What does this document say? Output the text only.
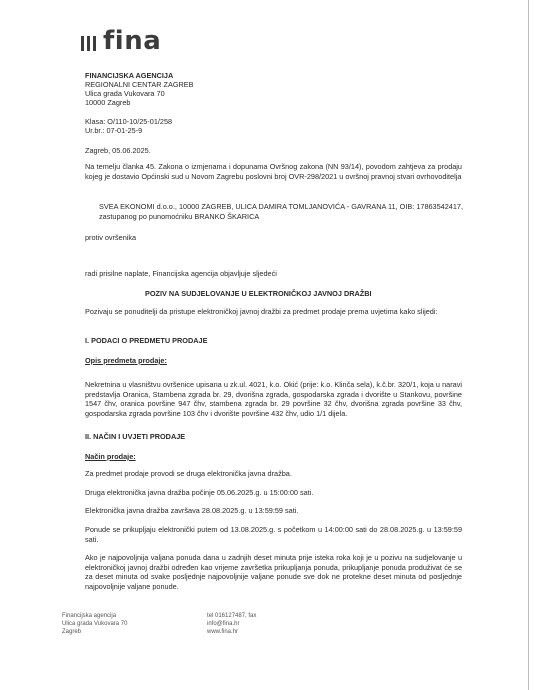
fina
FINANCIJSKA AGENCIJA
REGIONALNI CENTAR ZAGREB
Ulica grada Vukovara 70
10000 Zagreb
Klasa: O/110-10/25-01/258
Ur.br.: 07-01-25-9
Zagreb, 05.06.2025.
Na temelju članka 45. Zakona o izmjenama i dopunama Ovršnog zakona (NN 93/14), povodom zahtjeva za prodaju kojeg je dostavio Općinski sud u Novom Zagrebu poslovni broj OVR-298/2021 u ovršnoj pravnoj stvari ovrhovoditelja
SVEA EKONOMI d.o.o., 10000 ZAGREB, ULICA DAMIRA TOMLJANOVIĆA - GAVRANA 11, OIB: 17863542417, zastupanog po punomoćniku BRANKO ŠKARICA
protiv ovršenika
radi prisilne naplate, Financijska agencija objavljuje sljedeći
POZIV NA SUDJELOVANJE U ELEKTRONIČKOJ JAVNOJ DRAŽBI
Pozivaju se ponuditelji da pristupe elektroničkoj javnoj dražbi za predmet prodaje prema uvjetima kako slijedi:
I. PODACI O PREDMETU PRODAJE
Opis predmeta prodaje:
Nekretnina u vlasništvu ovršenice upisana u zk.ul. 4021, k.o. Okić (prije: k.o. Klinča sela), k.č.br. 320/1, koja u naravi predstavlja Oranica, Stambena zgrada br. 29, dvorišna zgrada, gospodarska zgrada i dvorište u Stankovu, površine 1547 čhv, oranica površine 947 čhv, stambena zgrada br. 29 površine 32 čhv, dvorišna zgrada površine 33 čhv, gospodarska zgrada površine 103 čhv i dvorište površine 432 čhv, udio 1/1 dijela.
II. NAČIN I UVJETI PRODAJE
Način prodaje:
Za predmet prodaje provodi se druga elektronička javna dražba.
Druga elektronička javna dražba počinje 05.06.2025.g. u 15:00:00 sati.
Elektronička javna dražba završava 28.08.2025.g. u 13:59:59 sati.
Ponude se prikupljaju elektronički putem od 13.08.2025.g. s početkom u 14:00:00 sati do 28.08.2025.g. u 13:59:59 sati.
Ako je najpovoljnija valjana ponuda dana u zadnjih deset minuta prije isteka roka koji je u pozivu na sudjelovanje u elektroničkoj javnoj dražbi određen kao vrijeme završetka prikupljanja ponuda, prikupljanje ponuda produživat će se za deset minuta od svake posljednje najpovoljnije valjane ponude sve dok ne protekne deset minuta od posljednje najpovoljnije valjane ponude.
Financijska agencija
Ulica grada Vukovara 70
Zagreb
tel 016127487, fax
info@fina.hr
www.fina.hr
